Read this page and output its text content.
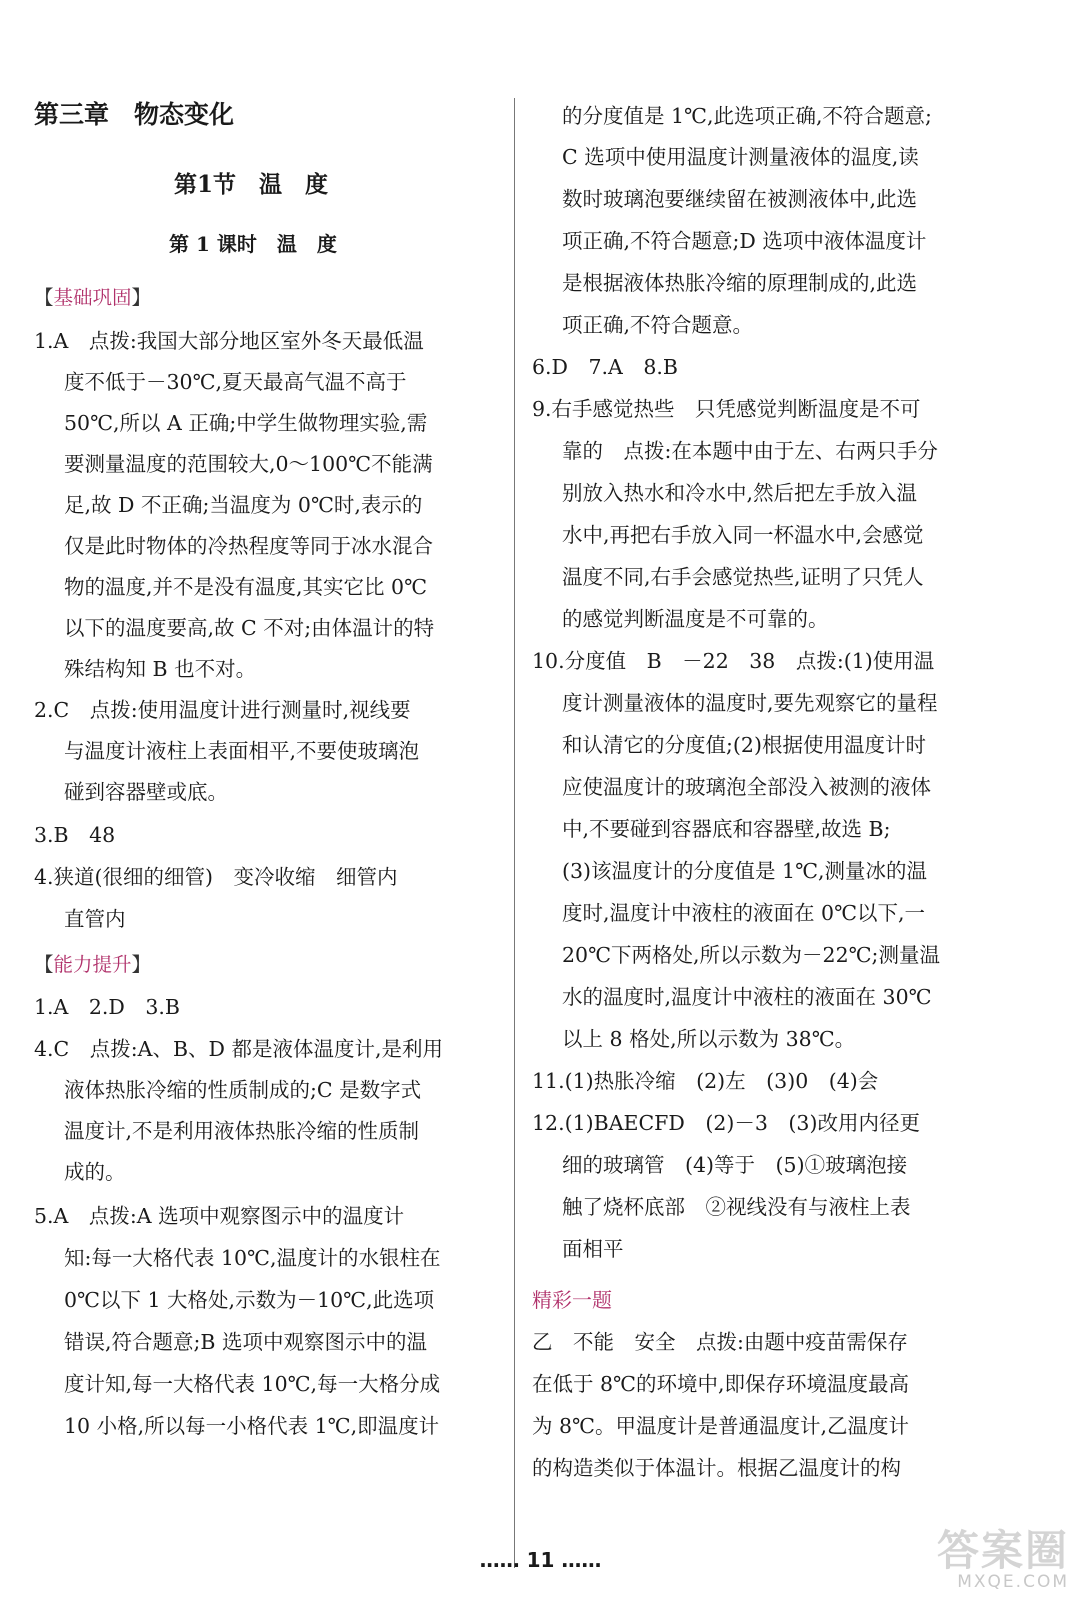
第三章　物态变化
第1节　温　度
第 1 课时　温　度
【基础巩固】
1.A　点拨:我国大部分地区室外冬天最低温
度不低于－30℃,夏天最高气温不高于
50℃,所以 A 正确;中学生做物理实验,需
要测量温度的范围较大,0～100℃不能满
足,故 D 不正确;当温度为 0℃时,表示的
仅是此时物体的冷热程度等同于冰水混合
物的温度,并不是没有温度,其实它比 0℃
以下的温度要高,故 C 不对;由体温计的特
殊结构知 B 也不对。
2.C　点拨:使用温度计进行测量时,视线要
与温度计液柱上表面相平,不要使玻璃泡
碰到容器壁或底。
3.B　48
4.狭道(很细的细管)　变冷收缩　细管内
直管内
【能力提升】
1.A　2.D　3.B
4.C　点拨:A、B、D 都是液体温度计,是利用
液体热胀冷缩的性质制成的;C 是数字式
温度计,不是利用液体热胀冷缩的性质制
成的。
5.A　点拨:A 选项中观察图示中的温度计
知:每一大格代表 10℃,温度计的水银柱在
0℃以下 1 大格处,示数为－10℃,此选项
错误,符合题意;B 选项中观察图示中的温
度计知,每一大格代表 10℃,每一大格分成
10 小格,所以每一小格代表 1℃,即温度计
的分度值是 1℃,此选项正确,不符合题意;
C 选项中使用温度计测量液体的温度,读
数时玻璃泡要继续留在被测液体中,此选
项正确,不符合题意;D 选项中液体温度计
是根据液体热胀冷缩的原理制成的,此选
项正确,不符合题意。
6.D　7.A　8.B
9.右手感觉热些　只凭感觉判断温度是不可
靠的　点拨:在本题中由于左、右两只手分
别放入热水和冷水中,然后把左手放入温
水中,再把右手放入同一杯温水中,会感觉
温度不同,右手会感觉热些,证明了只凭人
的感觉判断温度是不可靠的。
10.分度值　B　－22　38　点拨:(1)使用温
度计测量液体的温度时,要先观察它的量程
和认清它的分度值;(2)根据使用温度计时
应使温度计的玻璃泡全部没入被测的液体
中,不要碰到容器底和容器壁,故选 B;
(3)该温度计的分度值是 1℃,测量冰的温
度时,温度计中液柱的液面在 0℃以下,一
20℃下两格处,所以示数为－22℃;测量温
水的温度时,温度计中液柱的液面在 30℃
以上 8 格处,所以示数为 38℃。
11.(1)热胀冷缩　(2)左　(3)0　(4)会
12.(1)BAECFD　(2)－3　(3)改用内径更
细的玻璃管　(4)等于　(5)①玻璃泡接
触了烧杯底部　②视线没有与液柱上表
面相平
精彩一题
乙　不能　安全　点拨:由题中疫苗需保存
在低于 8℃的环境中,即保存环境温度最高
为 8℃。甲温度计是普通温度计,乙温度计
的构造类似于体温计。根据乙温度计的构
…… 11 ……	答案圈
MXQE.COM
